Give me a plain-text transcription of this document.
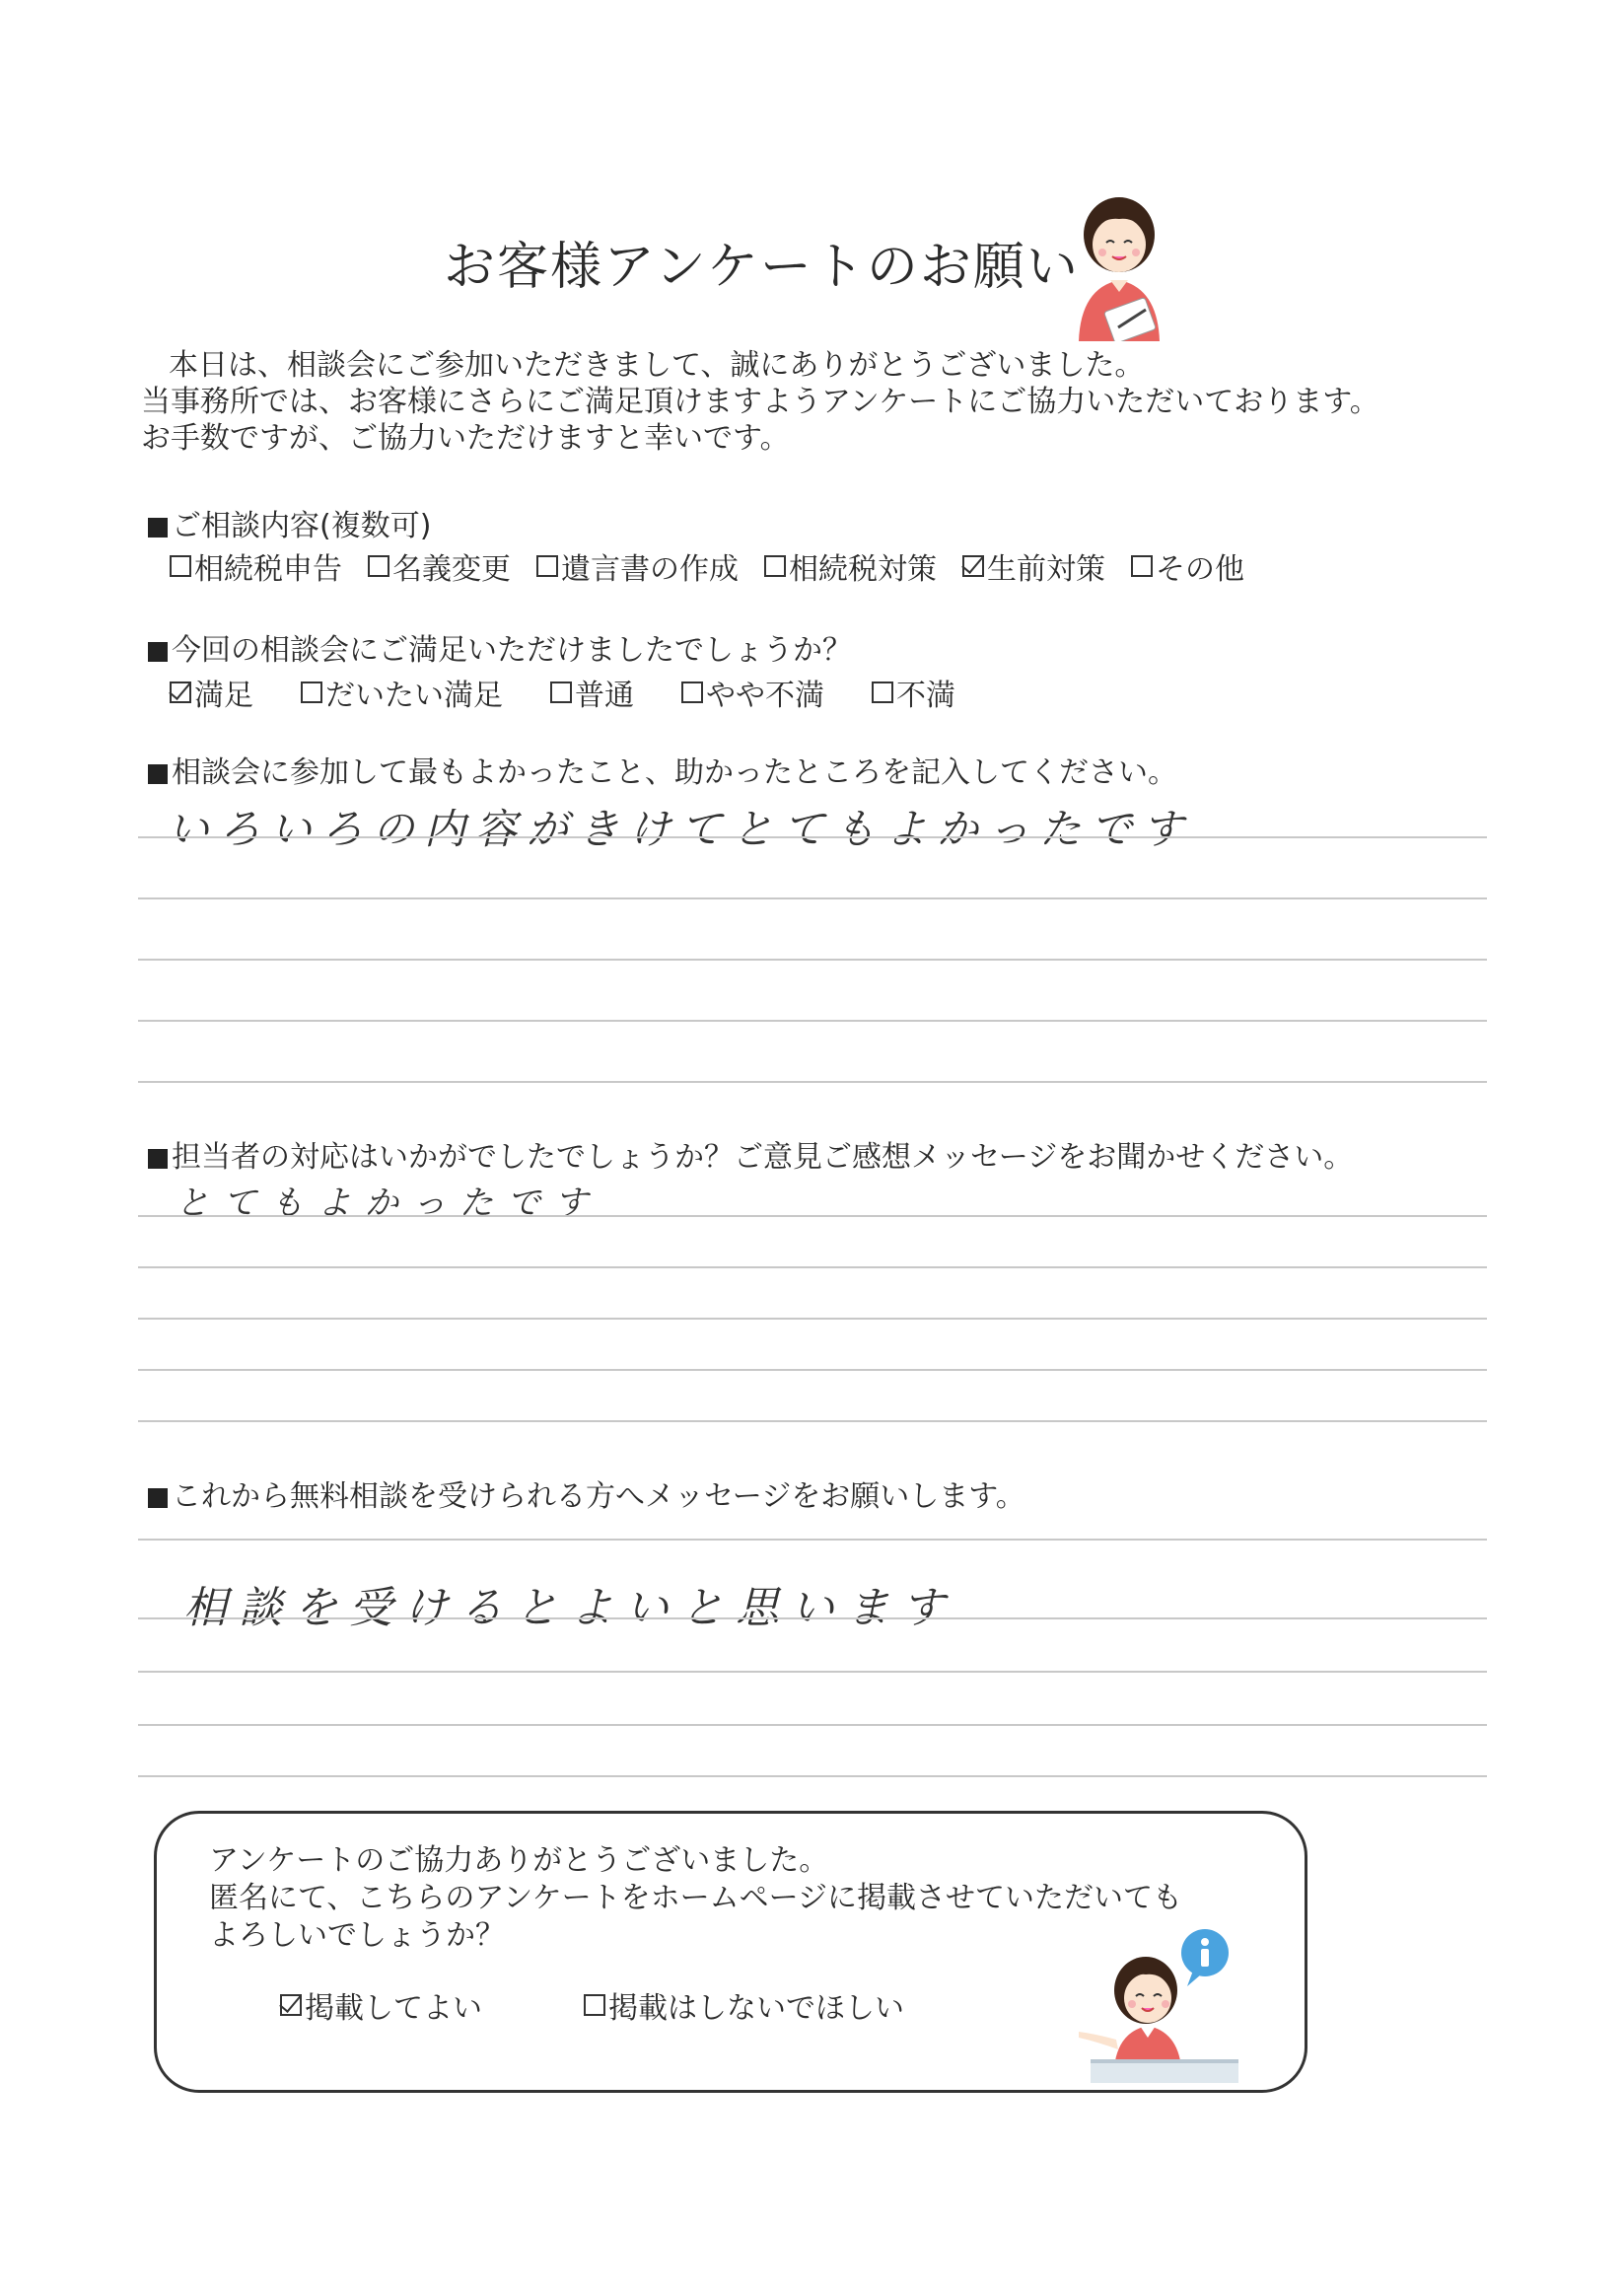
お客様アンケートのお願い
本日は、相談会にご参加いただきまして、誠にありがとうございました。
当事務所では、お客様にさらにご満足頂けますようアンケートにご協力いただいております。
お手数ですが、ご協力いただけますと幸いです。
ご相談内容(複数可)
相続税申告 名義変更 遺言書の作成 相続税対策 生前対策 その他
今回の相談会にご満足いただけましたでしょうか？
満足 だいたい満足 普通 やや不満 不満
相談会に参加して最もよかったこと、助かったところを記入してください。
いろいろの内容がきけてとてもよかったです
担当者の対応はいかがでしたでしょうか？ご意見ご感想メッセージをお聞かせください。
とてもよかったです
これから無料相談を受けられる方へメッセージをお願いします。
相談を受けるとよいと思います
アンケートのご協力ありがとうございました。
匿名にて、こちらのアンケートをホームページに掲載させていただいても
よろしいでしょうか？
掲載してよい	掲載はしないでほしい
